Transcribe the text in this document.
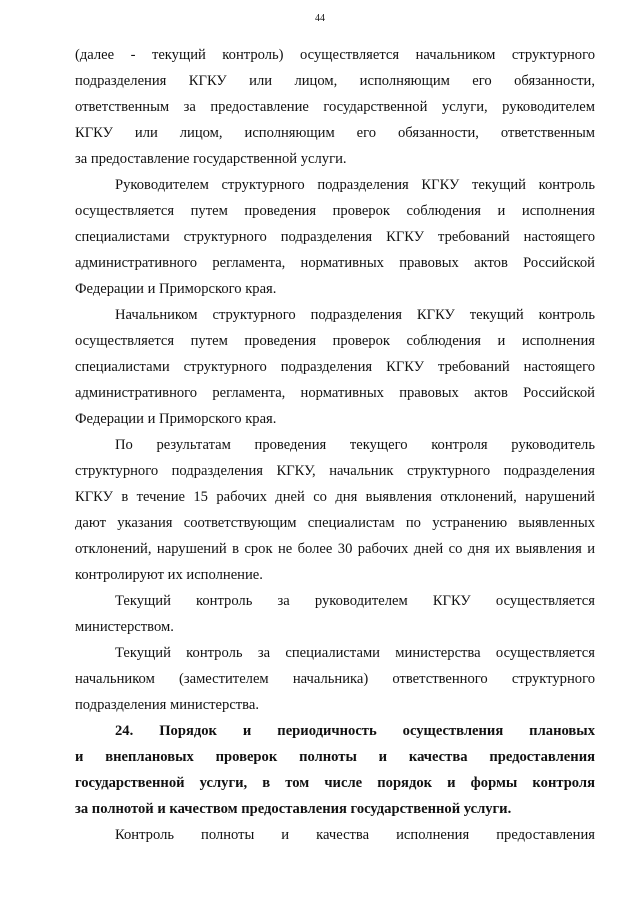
44

(далее - текущий контроль) осуществляется начальником структурного
подразделения КГКУ или лицом, исполняющим его обязанности,
ответственным за предоставление государственной услуги, руководителем
КГКУ или лицом, исполняющим его обязанности, ответственным
за предоставление государственной услуги.

Руководителем структурного подразделения КГКУ текущий контроль
осуществляется путем проведения проверок соблюдения и исполнения
специалистами структурного подразделения КГКУ требований настоящего
административного регламента, нормативных правовых актов Российской
Федерации и Приморского края.

Начальником структурного подразделения КГКУ текущий контроль
осуществляется путем проведения проверок соблюдения и исполнения
специалистами структурного подразделения КГКУ требований настоящего
административного регламента, нормативных правовых актов Российской
Федерации и Приморского края.

По результатам проведения текущего контроля руководитель
структурного подразделения КГКУ, начальник структурного подразделения
КГКУ в течение 15 рабочих дней со дня выявления отклонений, нарушений
дают указания соответствующим специалистам по устранению выявленных
отклонений, нарушений в срок не более 30 рабочих дней со дня их выявления и
контролируют их исполнение.

Текущий контроль за руководителем КГКУ осуществляется
министерством.

Текущий контроль за специалистами министерства осуществляется
начальником (заместителем начальника) ответственного структурного
подразделения министерства.

24. Порядок и периодичность осуществления плановых
и внеплановых проверок полноты и качества предоставления
государственной услуги, в том числе порядок и формы контроля
за полнотой и качеством предоставления государственной услуги.

Контроль полноты и качества исполнения предоставления
